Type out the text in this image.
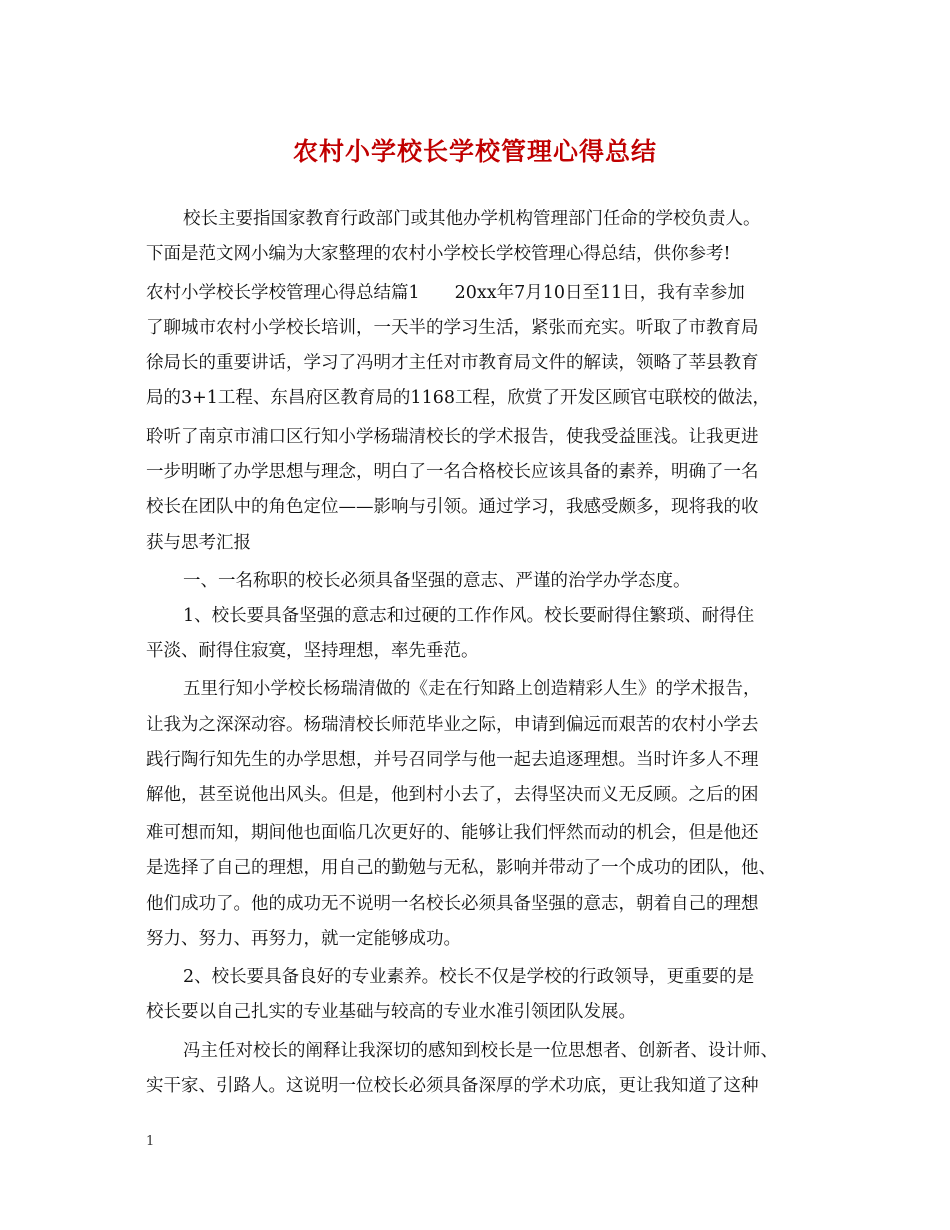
农村小学校长学校管理心得总结
校长主要指国家教育行政部门或其他办学机构管理部门任命的学校负责人。
下面是范文网小编为大家整理的农村小学校长学校管理心得总结，供你参考!
农村小学校长学校管理心得总结篇1　　20xx年7月10日至11日，我有幸参加
了聊城市农村小学校长培训，一天半的学习生活，紧张而充实。听取了市教育局
徐局长的重要讲话，学习了冯明才主任对市教育局文件的解读，领略了莘县教育
局的3+1工程、东昌府区教育局的1168工程，欣赏了开发区顾官屯联校的做法，
聆听了南京市浦口区行知小学杨瑞清校长的学术报告，使我受益匪浅。让我更进
一步明晰了办学思想与理念，明白了一名合格校长应该具备的素养，明确了一名
校长在团队中的角色定位——影响与引领。通过学习，我感受颇多，现将我的收
获与思考汇报
一、一名称职的校长必须具备坚强的意志、严谨的治学办学态度。
1、校长要具备坚强的意志和过硬的工作作风。校长要耐得住繁琐、耐得住
平淡、耐得住寂寞，坚持理想，率先垂范。
五里行知小学校长杨瑞清做的《走在行知路上创造精彩人生》的学术报告，
让我为之深深动容。杨瑞清校长师范毕业之际，申请到偏远而艰苦的农村小学去
践行陶行知先生的办学思想，并号召同学与他一起去追逐理想。当时许多人不理
解他，甚至说他出风头。但是，他到村小去了，去得坚决而义无反顾。之后的困
难可想而知，期间他也面临几次更好的、能够让我们怦然而动的机会，但是他还
是选择了自己的理想，用自己的勤勉与无私，影响并带动了一个成功的团队，他、
他们成功了。他的成功无不说明一名校长必须具备坚强的意志，朝着自己的理想
努力、努力、再努力，就一定能够成功。
2、校长要具备良好的专业素养。校长不仅是学校的行政领导，更重要的是
校长要以自己扎实的专业基础与较高的专业水准引领团队发展。
冯主任对校长的阐释让我深切的感知到校长是一位思想者、创新者、设计师、
实干家、引路人。这说明一位校长必须具备深厚的学术功底，更让我知道了这种
1
